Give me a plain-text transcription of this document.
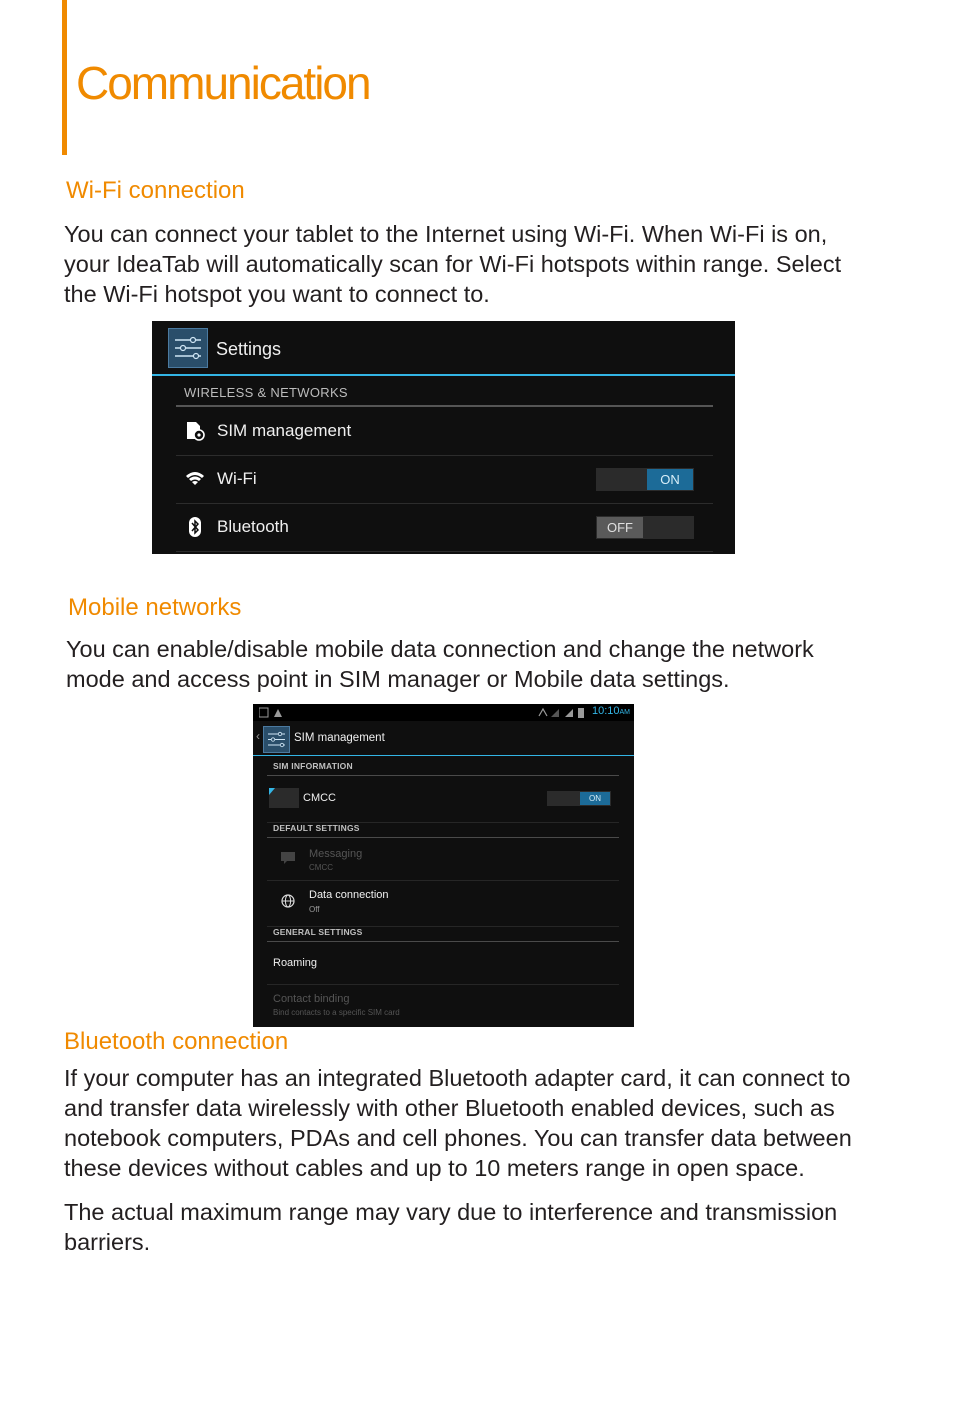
Communication
Wi-Fi connection

You can connect your tablet to the Internet using Wi-Fi. When Wi-Fi is on,

your IdeaTab will automatically scan for Wi-Fi hotspots within range. Select

the Wi-Fi hotspot you want to connect to.

Settings
WIRELESS & NETWORKS
SIM management
Wi-Fi	ON
Bluetooth	OFF
Mobile networks

You can enable/disable mobile data connection and change the network

mode and access point in SIM manager or Mobile data settings.

10:10AM
‹	SIM management
SIM INFORMATION
CMCC	ON
DEFAULT SETTINGS
Messaging
CMCC
Data connection
Off
GENERAL SETTINGS
Roaming
Contact binding
Bind contacts to a specific SIM card
Bluetooth connection

If your computer has an integrated Bluetooth adapter card, it can connect to

and transfer data wirelessly with other Bluetooth enabled devices, such as

notebook computers, PDAs and cell phones. You can transfer data between

these devices without cables and up to 10 meters range in open space.

The actual maximum range may vary due to interference and transmission

barriers.
